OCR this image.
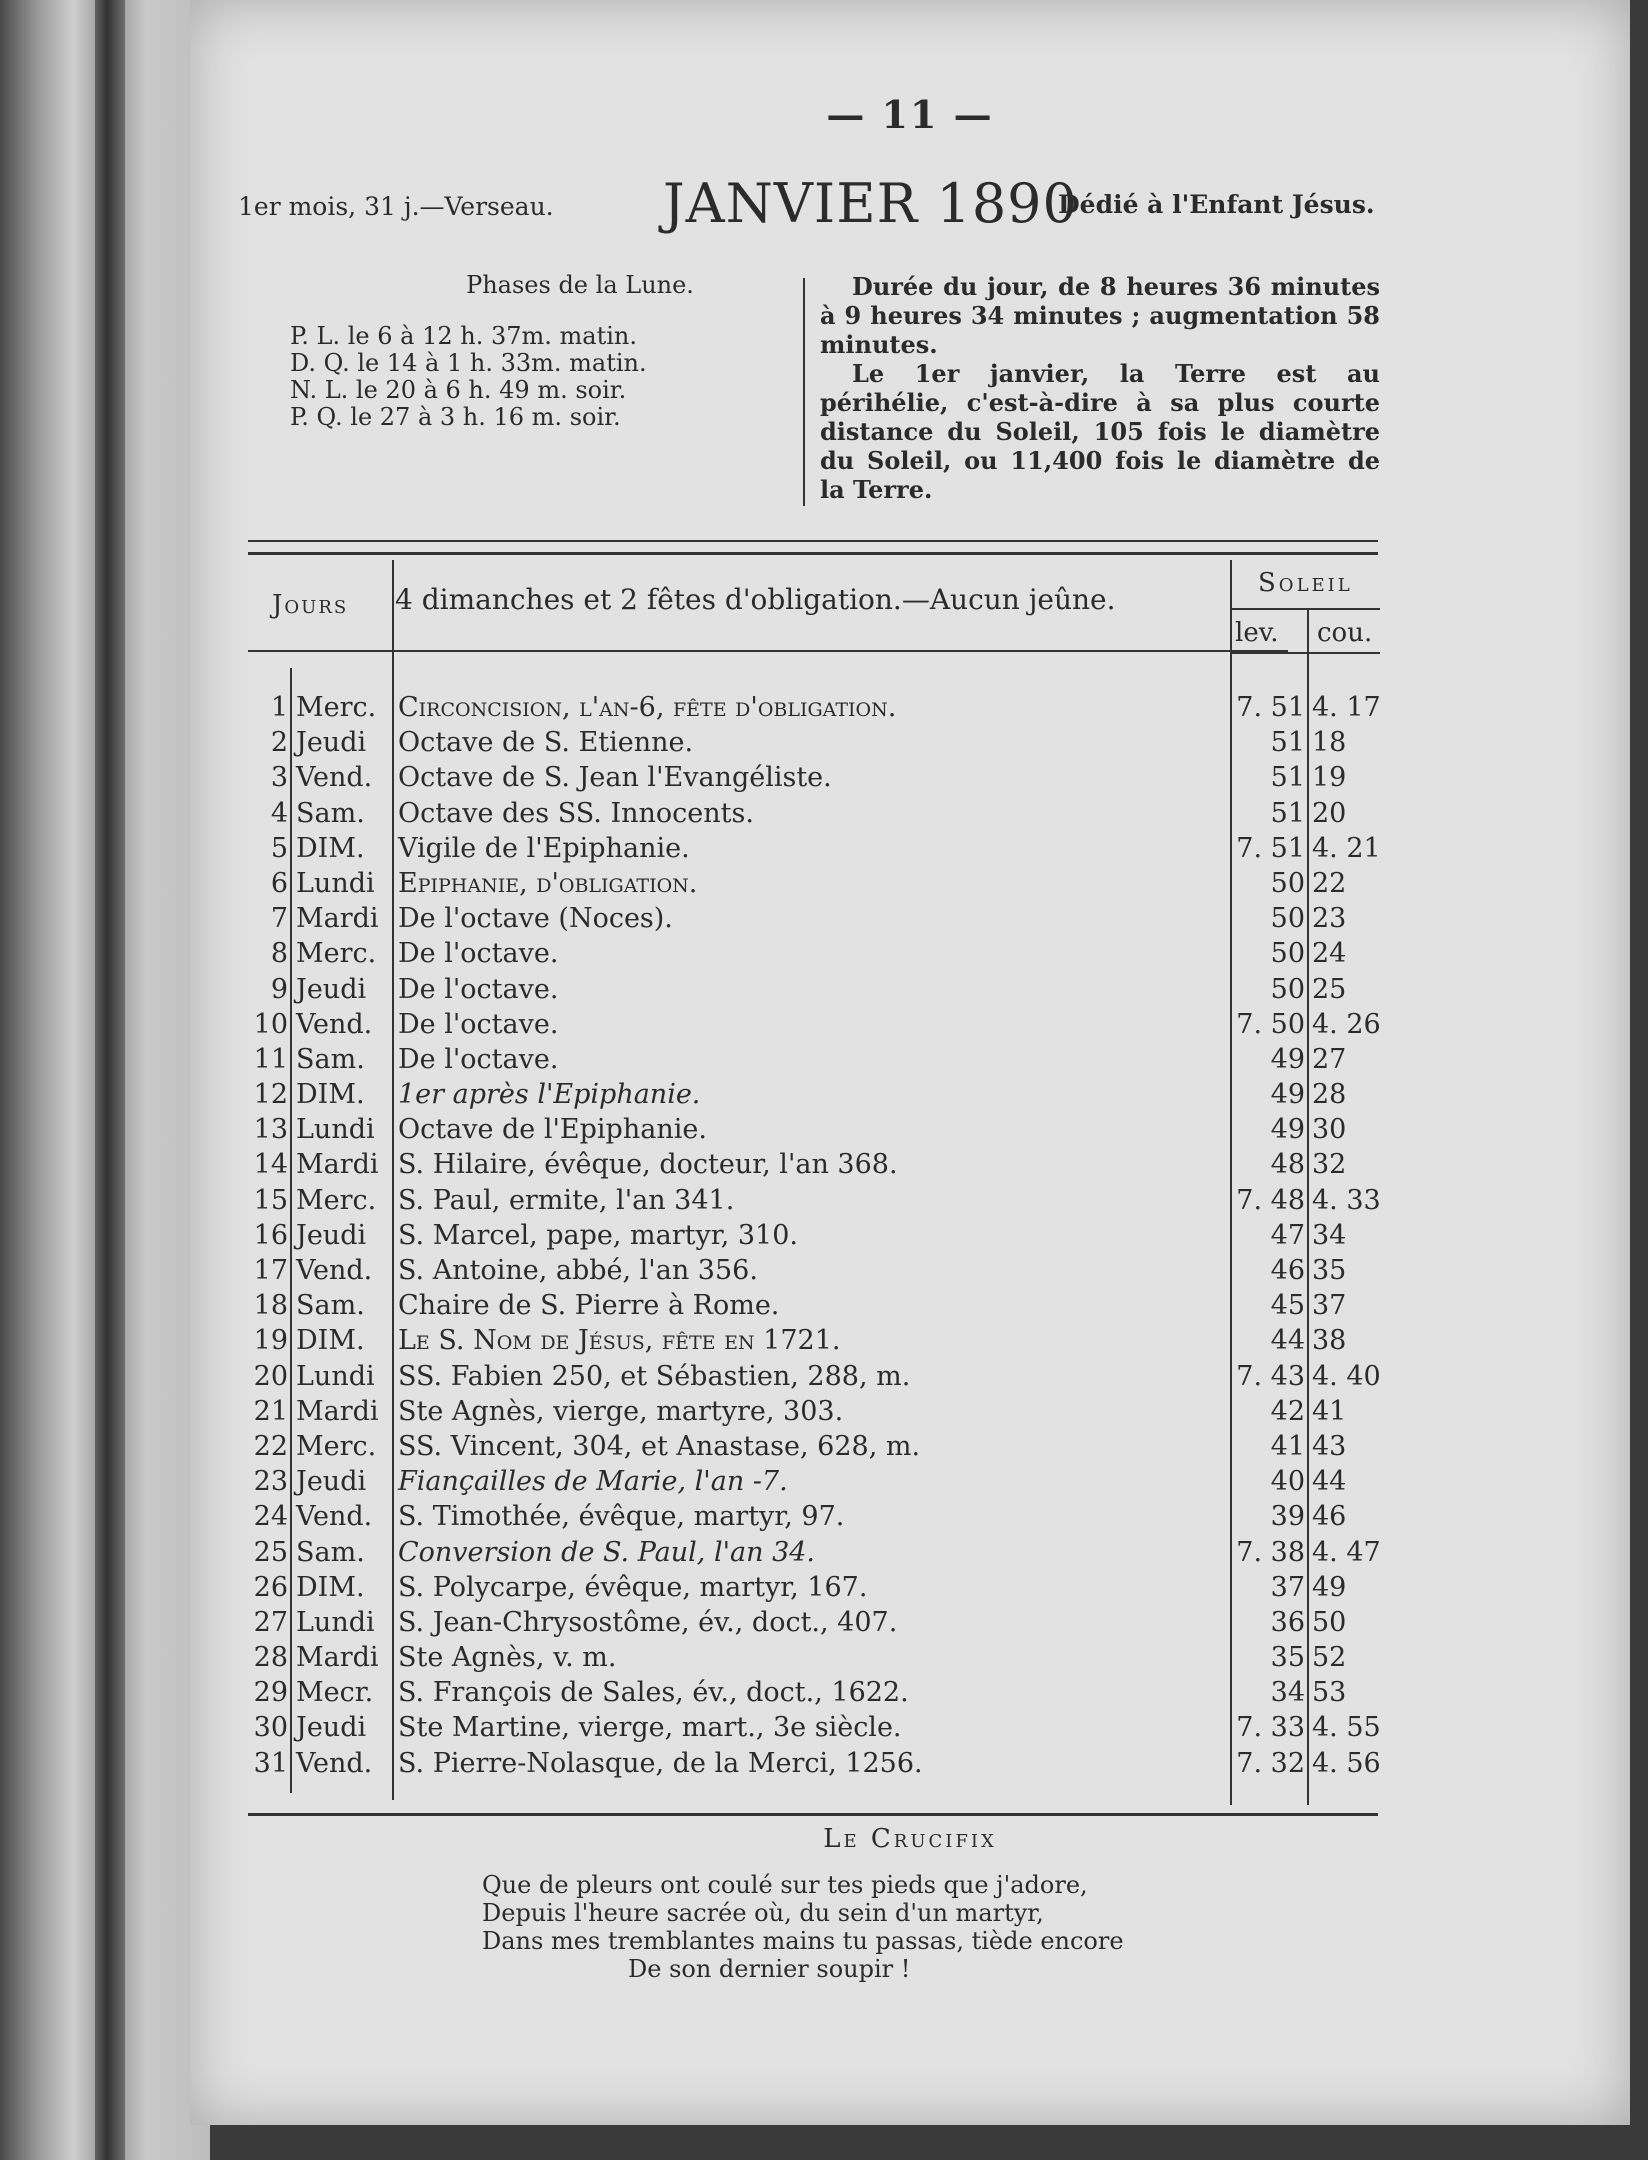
— 11 —
1er mois, 31 j.—Verseau. JANVIER 1890
Dédié à l'Enfant Jésus.
Phases de la Lune.
P. L. le 6 à 12 h. 37m. matin.
D. Q. le 14 à 1 h. 33m. matin.
N. L. le 20 à 6 h. 49 m. soir.
P. Q. le 27 à 3 h. 16 m. soir.

Durée du jour, de 8 heures 36 minutes à 9 heures 34 minutes ; augmentation 58 minutes.

Le 1er janvier, la Terre est au périhélie, c'est-à-dire à sa plus courte distance du Soleil, 105 fois le diamètre du Soleil, ou 11,400 fois le diamètre de la Terre.

Jours 4 dimanches et 2 fêtes d'obligation.—Aucun jeûne.	Soleil
lev. cou.
1 Merc. Circoncision, l'an-6, fête d'obligation.	7. 51 4. 17
2 Jeudi Octave de S. Etienne.	51 18
3 Vend. Octave de S. Jean l'Evangéliste.	51 19
4 Sam. Octave des SS. Innocents.	51 20
5 DIM. Vigile de l'Epiphanie.	7. 51 4. 21
6 Lundi Epiphanie, d'obligation.	50 22
7 Mardi De l'octave (Noces).	50 23
8 Merc. De l'octave.	50 24
9 Jeudi De l'octave.	50 25
10 Vend. De l'octave.	7. 50 4. 26
11 Sam. De l'octave.	49 27
12 DIM. 1er après l'Epiphanie.	49 28
13 Lundi Octave de l'Epiphanie.	49 30
14 Mardi S. Hilaire, évêque, docteur, l'an 368.	48 32
15 Merc. S. Paul, ermite, l'an 341.	7. 48 4. 33
16 Jeudi S. Marcel, pape, martyr, 310.	47 34
17 Vend. S. Antoine, abbé, l'an 356.	46 35
18 Sam. Chaire de S. Pierre à Rome.	45 37
19 DIM. Le S. Nom de Jésus, fête en 1721.	44 38
20 Lundi SS. Fabien 250, et Sébastien, 288, m.	7. 43 4. 40
21 Mardi Ste Agnès, vierge, martyre, 303.	42 41
22 Merc. SS. Vincent, 304, et Anastase, 628, m.	41 43
23 Jeudi Fiançailles de Marie, l'an -7.	40 44
24 Vend. S. Timothée, évêque, martyr, 97.	39 46
25 Sam. Conversion de S. Paul, l'an 34.	7. 38 4. 47
26 DIM. S. Polycarpe, évêque, martyr, 167.	37 49
27 Lundi S. Jean-Chrysostôme, év., doct., 407.	36 50
28 Mardi Ste Agnès, v. m.	35 52
29 Mecr. S. François de Sales, év., doct., 1622.	34 53
30 Jeudi Ste Martine, vierge, mart., 3e siècle.	7. 33 4. 55
31 Vend. S. Pierre-Nolasque, de la Merci, 1256.	7. 32 4. 56
Le Crucifix
Que de pleurs ont coulé sur tes pieds que j'adore,
Depuis l'heure sacrée où, du sein d'un martyr,
Dans mes tremblantes mains tu passas, tiède encore
De son dernier soupir !
